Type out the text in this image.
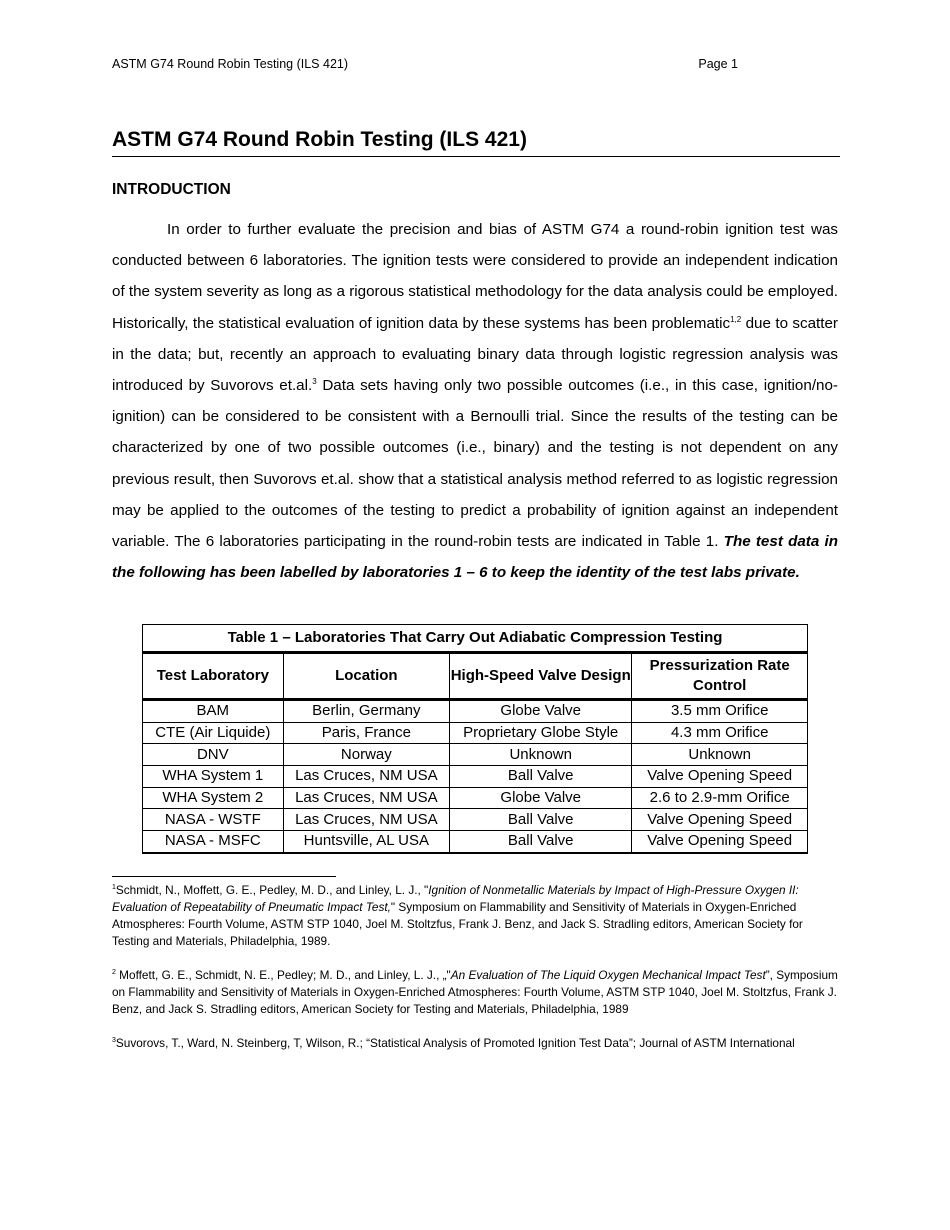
ASTM G74 Round Robin Testing (ILS 421)	Page 1
ASTM G74 Round Robin Testing (ILS 421)
INTRODUCTION

In order to further evaluate the precision and bias of ASTM G74 a round-robin ignition test was conducted between 6 laboratories. The ignition tests were considered to provide an independent indication of the system severity as long as a rigorous statistical methodology for the data analysis could be employed. Historically, the statistical evaluation of ignition data by these systems has been problematic$^{1,2}$ due to scatter in the data; but, recently an approach to evaluating binary data through logistic regression analysis was introduced by Suvorovs et.al.$^3$ Data sets having only two possible outcomes (i.e., in this case, ignition/no-ignition) can be considered to be consistent with a Bernoulli trial. Since the results of the testing can be characterized by one of two possible outcomes (i.e., binary) and the testing is not dependent on any previous result, then Suvorovs et.al. show that a statistical analysis method referred to as logistic regression may be applied to the outcomes of the testing to predict a probability of ignition against an independent variable. The 6 laboratories participating in the round-robin tests are indicated in Table 1. The test data in the following has been labelled by laboratories 1 – 6 to keep the identity of the test labs private.

Table 1 – Laboratories That Carry Out Adiabatic Compression Testing
Test Laboratory	Location	High-Speed Valve Design	Pressurization Rate Control
BAM	Berlin, Germany	Globe Valve	3.5 mm Orifice
CTE (Air Liquide)	Paris, France	Proprietary Globe Style	4.3 mm Orifice
DNV	Norway	Unknown	Unknown
WHA System 1	Las Cruces, NM USA	Ball Valve	Valve Opening Speed
WHA System 2	Las Cruces, NM USA	Globe Valve	2.6 to 2.9-mm Orifice
NASA - WSTF	Las Cruces, NM USA	Ball Valve	Valve Opening Speed
NASA - MSFC	Huntsville, AL USA	Ball Valve	Valve Opening Speed

$^1$Schmidt, N., Moffett, G. E., Pedley, M. D., and Linley, L. J., "Ignition of Nonmetallic Materials by Impact of High-Pressure Oxygen II: Evaluation of Repeatability of Pneumatic Impact Test," Symposium on Flammability and Sensitivity of Materials in Oxygen-Enriched Atmospheres: Fourth Volume, ASTM STP 1040, Joel M. Stoltzfus, Frank J. Benz, and Jack S. Stradling editors, American Society for Testing and Materials, Philadelphia, 1989.

$^2$ Moffett, G. E., Schmidt, N. E., Pedley; M. D., and Linley, L. J., „"An Evaluation of The Liquid Oxygen Mechanical Impact Test”, Symposium on Flammability and Sensitivity of Materials in Oxygen-Enriched Atmospheres: Fourth Volume, ASTM STP 1040, Joel M. Stoltzfus, Frank J. Benz, and Jack S. Stradling editors, American Society for Testing and Materials, Philadelphia, 1989

$^3$Suvorovs, T., Ward, N. Steinberg, T, Wilson, R.; “Statistical Analysis of Promoted Ignition Test Data”; Journal of ASTM International
